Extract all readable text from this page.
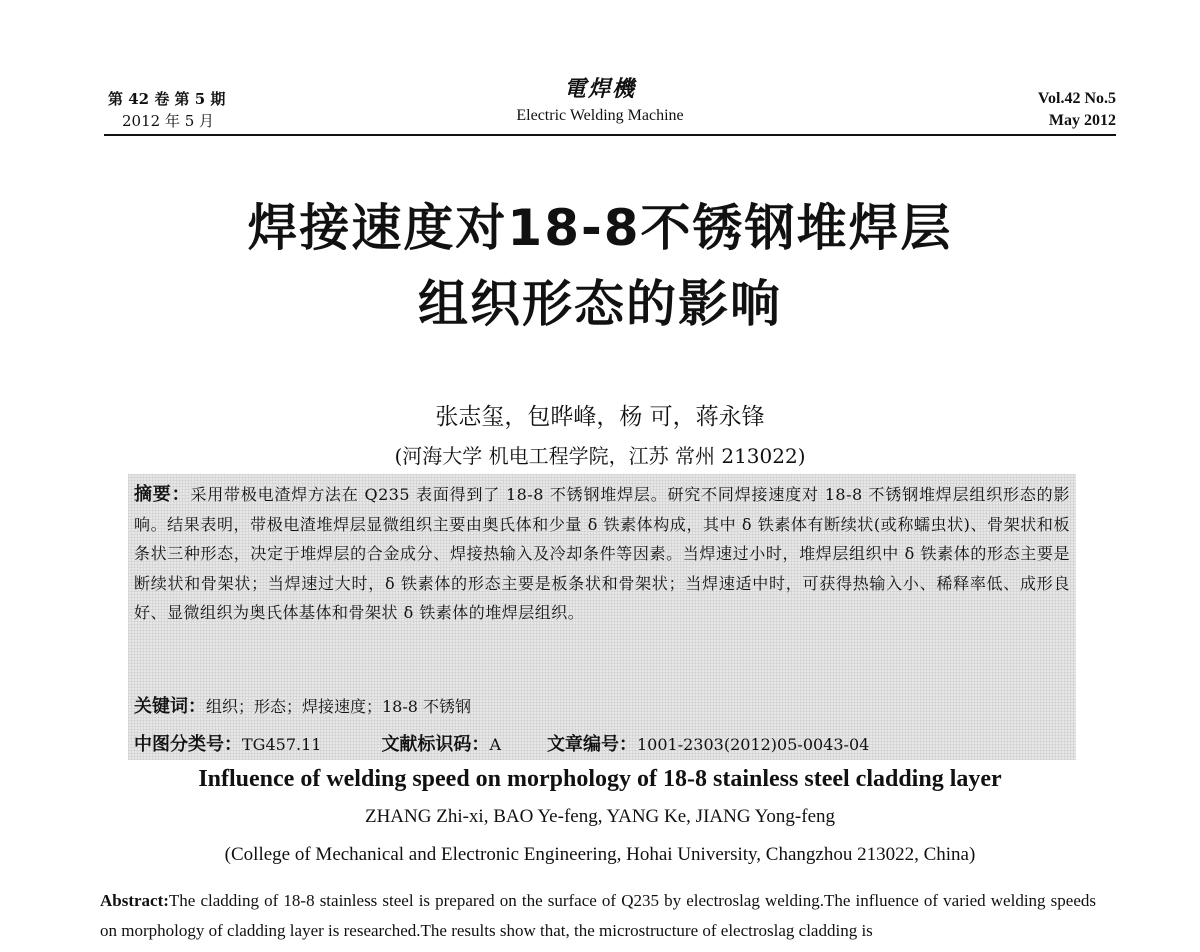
第 42 卷 第 5 期
2012 年 5 月
電焊機
Electric Welding Machine
Vol.42 No.5
May 2012
焊接速度对18-8不锈钢堆焊层
组织形态的影响
张志玺，包晔峰，杨 可，蒋永锋
(河海大学 机电工程学院，江苏 常州 213022)
摘要：采用带极电渣焊方法在 Q235 表面得到了 18-8 不锈钢堆焊层。研究不同焊接速度对 18-8 不锈钢堆焊层组织形态的影响。结果表明，带极电渣堆焊层显微组织主要由奥氏体和少量 δ 铁素体构成，其中 δ 铁素体有断续状(或称蠕虫状)、骨架状和板条状三种形态，决定于堆焊层的合金成分、焊接热输入及冷却条件等因素。当焊速过小时，堆焊层组织中 δ 铁素体的形态主要是断续状和骨架状；当焊速过大时，δ 铁素体的形态主要是板条状和骨架状；当焊速适中时，可获得热输入小、稀释率低、成形良好、显微组织为奥氏体基体和骨架状 δ 铁素体的堆焊层组织。
关键词：组织；形态；焊接速度；18-8 不锈钢
中图分类号：TG457.11	文献标识码：A	文章编号：1001-2303(2012)05-0043-04
Influence of welding speed on morphology of 18-8 stainless steel cladding layer
ZHANG Zhi-xi, BAO Ye-feng, YANG Ke, JIANG Yong-feng
(College of Mechanical and Electronic Engineering, Hohai University, Changzhou 213022, China)
Abstract:The cladding of 18-8 stainless steel is prepared on the surface of Q235 by electroslag welding.The influence of varied welding speeds on morphology of cladding layer is researched.The results show that, the microstructure of electroslag cladding is
